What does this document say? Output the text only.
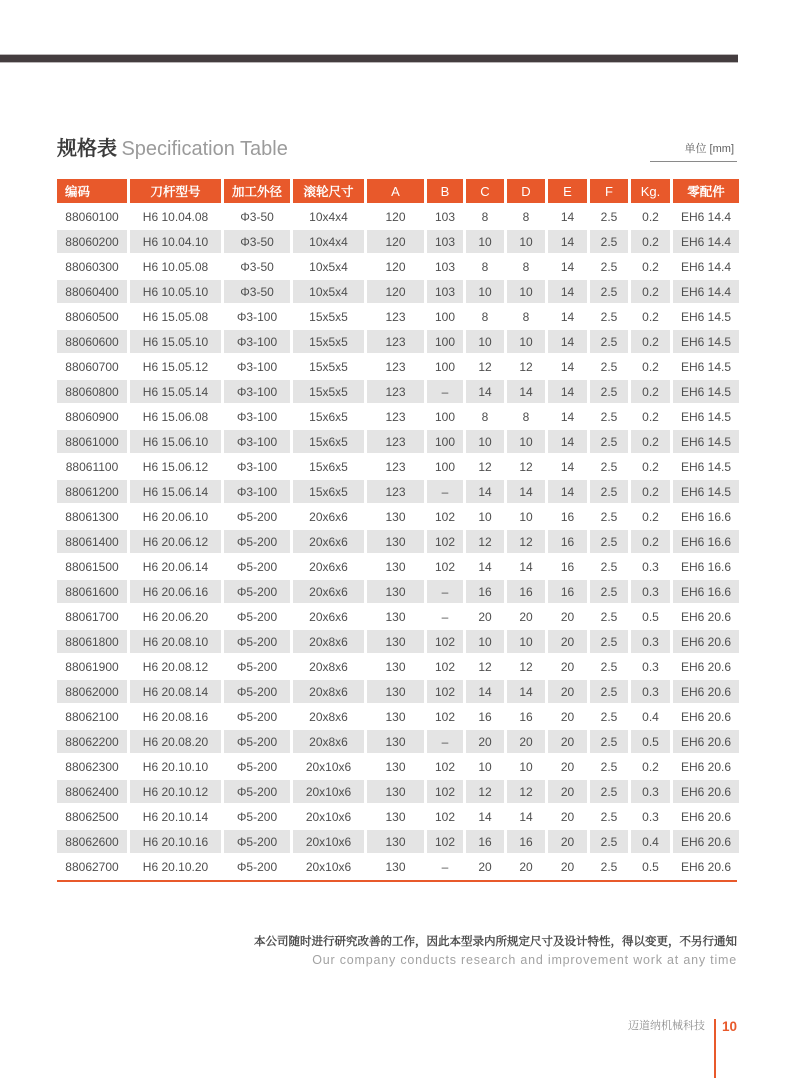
规格表 Specification Table	单位 [mm]
编码	刀杆型号	加工外径	滚轮尺寸	A	B	C	D	E	F	Kg.	零配件
88060100	H6 10.04.08	Φ3-50	10x4x4	120	103	8	8	14	2.5	0.2	EH6 14.4
88060200	H6 10.04.10	Φ3-50	10x4x4	120	103	10	10	14	2.5	0.2	EH6 14.4
88060300	H6 10.05.08	Φ3-50	10x5x4	120	103	8	8	14	2.5	0.2	EH6 14.4
88060400	H6 10.05.10	Φ3-50	10x5x4	120	103	10	10	14	2.5	0.2	EH6 14.4
88060500	H6 15.05.08	Φ3-100	15x5x5	123	100	8	8	14	2.5	0.2	EH6 14.5
88060600	H6 15.05.10	Φ3-100	15x5x5	123	100	10	10	14	2.5	0.2	EH6 14.5
88060700	H6 15.05.12	Φ3-100	15x5x5	123	100	12	12	14	2.5	0.2	EH6 14.5
88060800	H6 15.05.14	Φ3-100	15x5x5	123	–	14	14	14	2.5	0.2	EH6 14.5
88060900	H6 15.06.08	Φ3-100	15x6x5	123	100	8	8	14	2.5	0.2	EH6 14.5
88061000	H6 15.06.10	Φ3-100	15x6x5	123	100	10	10	14	2.5	0.2	EH6 14.5
88061100	H6 15.06.12	Φ3-100	15x6x5	123	100	12	12	14	2.5	0.2	EH6 14.5
88061200	H6 15.06.14	Φ3-100	15x6x5	123	–	14	14	14	2.5	0.2	EH6 14.5
88061300	H6 20.06.10	Φ5-200	20x6x6	130	102	10	10	16	2.5	0.2	EH6 16.6
88061400	H6 20.06.12	Φ5-200	20x6x6	130	102	12	12	16	2.5	0.2	EH6 16.6
88061500	H6 20.06.14	Φ5-200	20x6x6	130	102	14	14	16	2.5	0.3	EH6 16.6
88061600	H6 20.06.16	Φ5-200	20x6x6	130	–	16	16	16	2.5	0.3	EH6 16.6
88061700	H6 20.06.20	Φ5-200	20x6x6	130	–	20	20	20	2.5	0.5	EH6 20.6
88061800	H6 20.08.10	Φ5-200	20x8x6	130	102	10	10	20	2.5	0.3	EH6 20.6
88061900	H6 20.08.12	Φ5-200	20x8x6	130	102	12	12	20	2.5	0.3	EH6 20.6
88062000	H6 20.08.14	Φ5-200	20x8x6	130	102	14	14	20	2.5	0.3	EH6 20.6
88062100	H6 20.08.16	Φ5-200	20x8x6	130	102	16	16	20	2.5	0.4	EH6 20.6
88062200	H6 20.08.20	Φ5-200	20x8x6	130	–	20	20	20	2.5	0.5	EH6 20.6
88062300	H6 20.10.10	Φ5-200	20x10x6	130	102	10	10	20	2.5	0.2	EH6 20.6
88062400	H6 20.10.12	Φ5-200	20x10x6	130	102	12	12	20	2.5	0.3	EH6 20.6
88062500	H6 20.10.14	Φ5-200	20x10x6	130	102	14	14	20	2.5	0.3	EH6 20.6
88062600	H6 20.10.16	Φ5-200	20x10x6	130	102	16	16	20	2.5	0.4	EH6 20.6
88062700	H6 20.10.20	Φ5-200	20x10x6	130	–	20	20	20	2.5	0.5	EH6 20.6
本公司随时进行研究改善的工作，因此本型录内所规定尺寸及设计特性，得以变更，不另行通知
Our company conducts research and improvement work at any time
迈道纳机械科技 10
